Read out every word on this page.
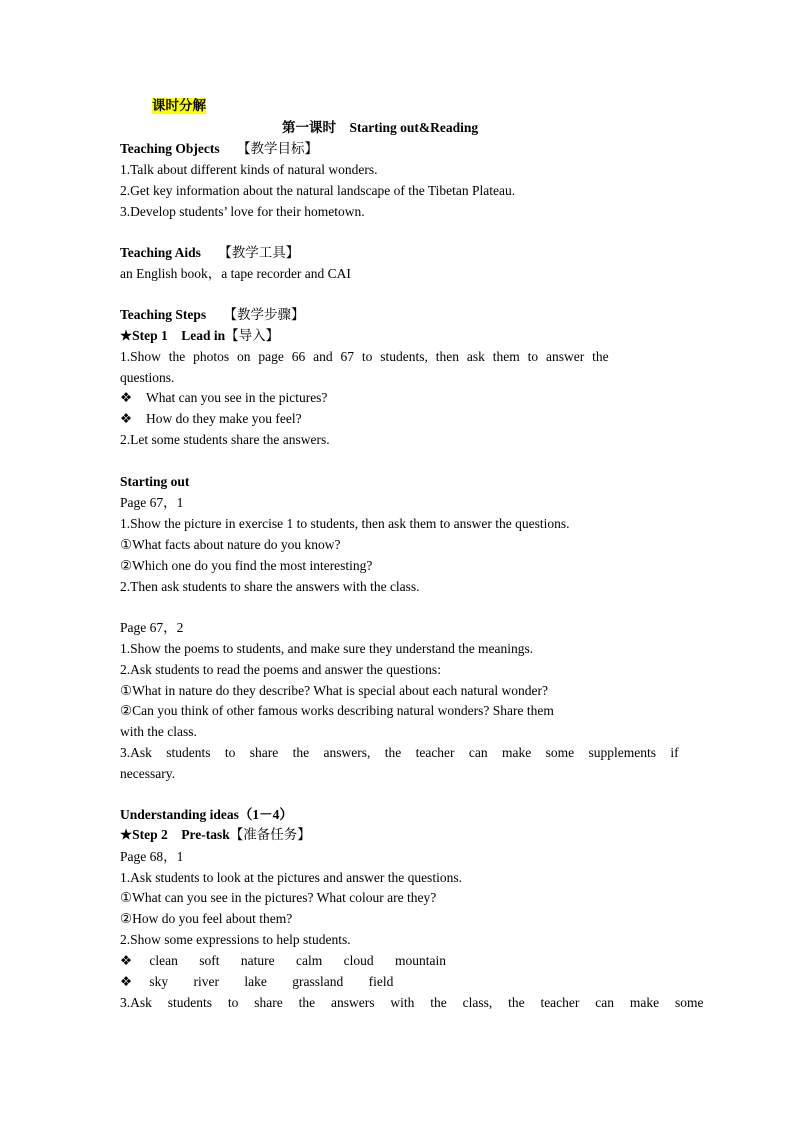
课时分解
第一课时　Starting out&Reading
Teaching Objects 【教学目标】
1.Talk about different kinds of natural wonders.
2.Get key information about the natural landscape of the Tibetan Plateau.
3.Develop students’ love for their hometown.
Teaching Aids 【教学工具】
an English book，a tape recorder and CAI
Teaching Steps 【教学步骤】
★Step 1　Lead in【导入】
1.Show the photos on page 66 and 67 to students, then ask them to answer the
questions.
❖ What can you see in the pictures?
❖ How do they make you feel?
2.Let some students share the answers.
Starting out
Page 67，1
1.Show the picture in exercise 1 to students, then ask them to answer the questions.
①What facts about nature do you know?
②Which one do you find the most interesting?
2.Then ask students to share the answers with the class.
Page 67，2
1.Show the poems to students, and make sure they understand the meanings.
2.Ask students to read the poems and answer the questions:
①What in nature do they describe? What is special about each natural wonder?
②Can you think of other famous works describing natural wonders? Share them
with the class.
3.Ask students to share the answers, the teacher can make some supplements if
necessary.
Understanding ideas（1－4）
★Step 2　Pre-task【准备任务】
Page 68，1
1.Ask students to look at the pictures and answer the questions.
①What can you see in the pictures? What colour are they?
②How do you feel about them?
2.Show some expressions to help students.
❖ clean soft nature calm cloud mountain
❖ sky river lake grassland field
3.Ask students to share the answers with the class, the teacher can make some
